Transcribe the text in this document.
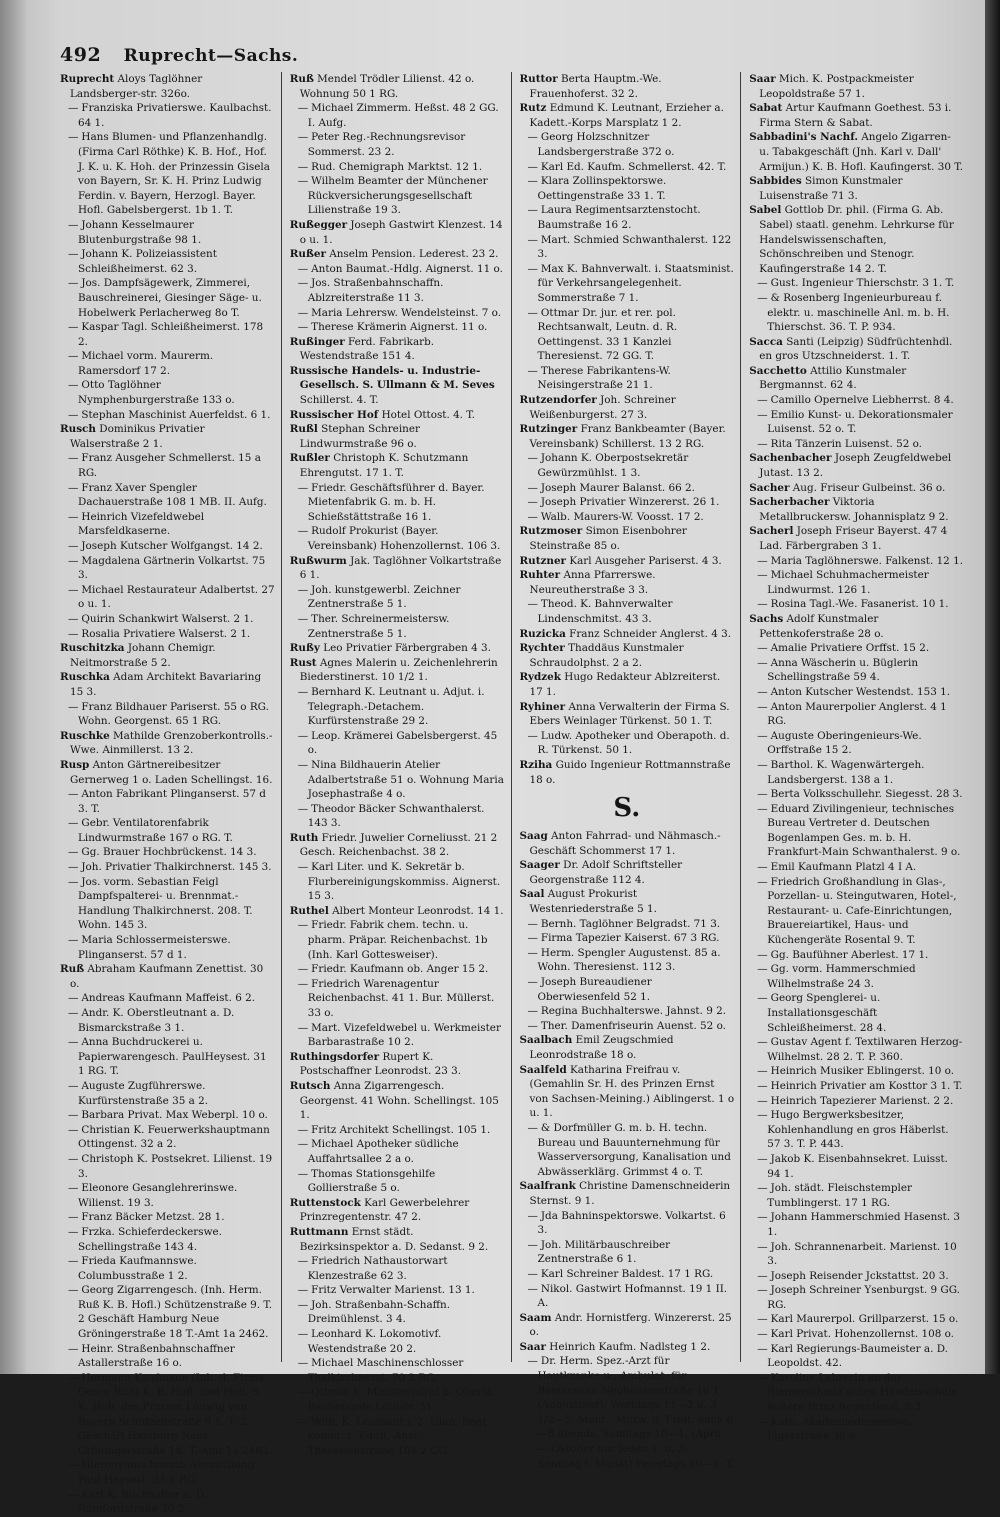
492 Ruprecht—Sachs.

Ruprecht Aloys Taglöhner Landsberger-str. 326o.

— Franziska Privatierswe. Kaulbachst. 64 1.

— Hans Blumen- und Pflanzenhandlg. (Firma Carl Röthke) K. B. Hof., Hof. J. K. u. K. Hoh. der Prinzessin Gisela von Bayern, Sr. K. H. Prinz Ludwig Ferdin. v. Bayern, Herzogl. Bayer. Hofl. Gabelsbergerst. 1b 1. T.

— Johann Kesselmaurer Blutenburgstraße 98 1.

— Johann K. Polizeiassistent Schleißheimerst. 62 3.

— Jos. Dampfsägewerk, Zimmerei, Bauschreinerei, Giesinger Säge- u. Hobelwerk Perlacherweg 8o T.

— Kaspar Tagl. Schleißheimerst. 178 2.

— Michael vorm. Maurerm. Ramersdorf 17 2.

— Otto Taglöhner Nymphenburgerstraße 133 o.

— Stephan Maschinist Auerfeldst. 6 1.

Rusch Dominikus Privatier Walserstraße 2 1.

— Franz Ausgeher Schmellerst. 15 a RG.

— Franz Xaver Spengler Dachauerstraße 108 1 MB. II. Aufg.

— Heinrich Vizefeldwebel Marsfeldkaserne.

— Joseph Kutscher Wolfgangst. 14 2.

— Magdalena Gärtnerin Volkartst. 75 3.

— Michael Restaurateur Adalbertst. 27 o u. 1.

— Quirin Schankwirt Walserst. 2 1.

— Rosalia Privatiere Walserst. 2 1.

Ruschitzka Johann Chemigr. Neitmorstraße 5 2.

Ruschka Adam Architekt Bavariaring 15 3.

— Franz Bildhauer Pariserst. 55 o RG. Wohn. Georgenst. 65 1 RG.

Ruschke Mathilde Grenzoberkontrolls.-Wwe. Ainmillerst. 13 2.

Rusp Anton Gärtnereibesitzer Gernerweg 1 o. Laden Schellingst. 16.

— Anton Fabrikant Plinganserst. 57 d 3. T.

— Gebr. Ventilatorenfabrik Lindwurmstraße 167 o RG. T.

— Gg. Brauer Hochbrückenst. 14 3.

— Joh. Privatier Thalkirchnerst. 145 3.

— Jos. vorm. Sebastian Feigl Dampfspalterei- u. Brennmat.-Handlung Thalkirchnerst. 208. T. Wohn. 145 3.

— Maria Schlossermeisterswe. Plinganserst. 57 d 1.

Ruß Abraham Kaufmann Zenettist. 30 o.

— Andreas Kaufmann Maffeist. 6 2.

— Andr. K. Oberstleutnant a. D. Bismarckstraße 3 1.

— Anna Buchdruckerei u. Papierwarengesch. PaulHeysest. 31 1 RG. T.

— Auguste Zugführerswe. Kurfürstenstraße 35 a 2.

— Barbara Privat. Max Weberpl. 10 o.

— Christian K. Feuerwerkshauptmann Ottingenst. 32 a 2.

— Christoph K. Postsekret. Lilienst. 19 3.

— Eleonore Gesanglehrerinswe. Wilienst. 19 3.

— Franz Bäcker Metzst. 28 1.

— Frzka. Schieferdeckerswe. Schellingstraße 143 4.

— Frieda Kaufmannswe. Columbusstraße 1 2.

— Georg Zigarrengesch. (Inh. Herm. Ruß K. B. Hofl.) Schützenstraße 9. T. 2 Geschäft Hamburg Neue Gröningerstraße 18 T.-Amt 1a 2462.

— Heinr. Straßenbahnschaffner Astallerstraße 16 o.

— Hermann Kaufmann (Inh. d. Firma Georg Ruß) K. B. Hofl. und Hofl. S. K. Hoh. des Prinzen Ludwig von Bayern Schützenstraße 9 1. T. 2. Geschäft Hamburg Neue Gröningerstraße 18. T.-Amt 1a 2462.

— Hieronymus Immob.-Vermittlung Paul Heysest. 31 1 RG.

— Karl K. Buchhalter a. D. Rumfordstraße 30 2.

Ruß Mendel Trödler Lilienst. 42 o. Wohnung 50 1 RG.

— Michael Zimmerm. Heßst. 48 2 GG. I. Aufg.

— Peter Reg.-Rechnungsrevisor Sommerst. 23 2.

— Rud. Chemigraph Marktst. 12 1.

— Wilhelm Beamter der Münchener Rückversicherungsgesellschaft Lilienstraße 19 3.

Rußegger Joseph Gastwirt Klenzest. 14 o u. 1.

Rußer Anselm Pension. Lederest. 23 2.

— Anton Baumat.-Hdlg. Aignerst. 11 o.

— Jos. Straßenbahnschaffn. Ablzreiterstraße 11 3.

— Maria Lehrersw. Wendelsteinst. 7 o.

— Therese Krämerin Aignerst. 11 o.

Rußinger Ferd. Fabrikarb. Westendstraße 151 4.

Russische Handels- u. Industrie-Gesellsch. S. Ullmann & M. Seves Schillerst. 4. T.

Russischer Hof Hotel Ottost. 4. T.

Rußl Stephan Schreiner Lindwurmstraße 96 o.

Rußler Christoph K. Schutzmann Ehrengutst. 17 1. T.

— Friedr. Geschäftsführer d. Bayer. Mietenfabrik G. m. b. H. Schießstättstraße 16 1.

— Rudolf Prokurist (Bayer. Vereinsbank) Hohenzollernst. 106 3.

Rußwurm Jak. Taglöhner Volkartstraße 6 1.

— Joh. kunstgewerbl. Zeichner Zentnerstraße 5 1.

— Ther. Schreinermeistersw. Zentnerstraße 5 1.

Rußy Leo Privatier Färbergraben 4 3.

Rust Agnes Malerin u. Zeichenlehrerin Biederstinerst. 10 1/2 1.

— Bernhard K. Leutnant u. Adjut. i. Telegraph.-Detachem. Kurfürstenstraße 29 2.

— Leop. Krämerei Gabelsbergerst. 45 o.

— Nina Bildhauerin Atelier Adalbertstraße 51 o. Wohnung Maria Josephastraße 4 o.

— Theodor Bäcker Schwanthalerst. 143 3.

Ruth Friedr. Juwelier Corneliusst. 21 2 Gesch. Reichenbachst. 38 2.

— Karl Liter. und K. Sekretär b. Flurbereinigungskommiss. Aignerst. 15 3.

Ruthel Albert Monteur Leonrodst. 14 1.

— Friedr. Fabrik chem. techn. u. pharm. Präpar. Reichenbachst. 1b (Inh. Karl Gottesweiser).

— Friedr. Kaufmann ob. Anger 15 2.

— Friedrich Warenagentur Reichenbachst. 41 1. Bur. Müllerst. 33 o.

— Mart. Vizefeldwebel u. Werkmeister Barbarastraße 10 2.

Ruthingsdorfer Rupert K. Postschaffner Leonrodst. 23 3.

Rutsch Anna Zigarrengesch. Georgenst. 41 Wohn. Schellingst. 105 1.

— Fritz Architekt Schellingst. 105 1.

— Michael Apotheker südliche Auffahrtsallee 2 a o.

— Thomas Stationsgehilfe Gollierstraße 5 o.

Ruttenstock Karl Gewerbelehrer Prinzregentenstr. 47 2.

Ruttmann Ernst städt. Bezirksinspektor a. D. Sedanst. 9 2.

— Friedrich Nathaustorwart Klenzestraße 62 3.

— Fritz Verwalter Marienst. 13 1.

— Joh. Straßenbahn-Schaffn. Dreimühlenst. 3 4.

— Leonhard K. Lokomotivf. Westendstraße 20 2.

— Michael Maschinenschlosser Thalkirchnerst. 70 2 RG.

— Ottmar K. Ministerialrat b. Oberst. Baubehörde Lothstr. 31.

— Wilh. K. Leutnant i. 2. Ulan.-Regt. komm. z. Equit.-Anst. Theresienstraße 104 2 GG.

Ruttor Berta Hauptm.-We. Frauenhoferst. 32 2.

Rutz Edmund K. Leutnant, Erzieher a. Kadett.-Korps Marsplatz 1 2.

— Georg Holzschnitzer Landsbergerstraße 372 o.

— Karl Ed. Kaufm. Schmellerst. 42. T.

— Klara Zollinspektorswe. Oettingenstraße 33 1. T.

— Laura Regimentsarztenstocht. Baumstraße 16 2.

— Mart. Schmied Schwanthalerst. 122 3.

— Max K. Bahnverwalt. i. Staatsminist. für Verkehrsangelegenheit. Sommerstraße 7 1.

— Ottmar Dr. jur. et rer. pol. Rechtsanwalt, Leutn. d. R. Oettingenst. 33 1 Kanzlei Theresienst. 72 GG. T.

— Therese Fabrikantens-W. Neisingerstraße 21 1.

Rutzendorfer Joh. Schreiner Weißenburgerst. 27 3.

Rutzinger Franz Bankbeamter (Bayer. Vereinsbank) Schillerst. 13 2 RG.

— Johann K. Oberpostsekretär Gewürzmühlst. 1 3.

— Joseph Maurer Balanst. 66 2.

— Joseph Privatier Winzererst. 26 1.

— Walb. Maurers-W. Voosst. 17 2.

Rutzmoser Simon Eisenbohrer Steinstraße 85 o.

Rutzner Karl Ausgeher Pariserst. 4 3.

Ruhter Anna Pfarrerswe. Neureutherstraße 3 3.

— Theod. K. Bahnverwalter Lindenschmitst. 43 3.

Ruzicka Franz Schneider Anglerst. 4 3.

Rychter Thaddäus Kunstmaler Schraudolphst. 2 a 2.

Rydzek Hugo Redakteur Ablzreiterst. 17 1.

Ryhiner Anna Verwalterin der Firma S. Ebers Weinlager Türkenst. 50 1. T.

— Ludw. Apotheker und Oberapoth. d. R. Türkenst. 50 1.

Rziha Guido Ingenieur Rottmannstraße 18 o.

S.

Saag Anton Fahrrad- und Nähmasch.-Geschäft Schommerst 17 1.

Saager Dr. Adolf Schriftsteller Georgenstraße 112 4.

Saal August Prokurist Westenriederstraße 5 1.

— Bernh. Taglöhner Belgradst. 71 3.

— Firma Tapezier Kaiserst. 67 3 RG.

— Herm. Spengler Augustenst. 85 a. Wohn. Theresienst. 112 3.

— Joseph Bureaudiener Oberwiesenfeld 52 1.

— Regina Buchhalterswe. Jahnst. 9 2.

— Ther. Damenfriseurin Auenst. 52 o.

Saalbach Emil Zeugschmied Leonrodstraße 18 o.

Saalfeld Katharina Freifrau v. (Gemahlin Sr. H. des Prinzen Ernst von Sachsen-Meining.) Aiblingerst. 1 o u. 1.

— & Dorfmüller G. m. b. H. techn. Bureau und Bauunternehmung für Wasserversorgung, Kanalisation und Abwässerklärg. Grimmst 4 o. T.

Saalfrank Christine Damenschneiderin Sternst. 9 1.

— Jda Bahninspektorswe. Volkartst. 6 3.

— Joh. Militärbauschreiber Zentnerstraße 6 1.

— Karl Schreiner Baldest. 17 1 RG.

— Nikol. Gastwirt Hofmannst. 19 1 II. A.

Saam Andr. Hornistferg. Winzererst. 25 o.

Saar Heinrich Kaufm. Nadlsteg 1 2.

— Dr. Herm. Spez.-Arzt für Hautkranke u., Ambulat. für Beinkranke Neuhauserstraße 16 1 (Augustiner). Werktags 11—2 u. 3 1/2—5. Mont., Mittw. u. Freit. auch 6—8 abends. Sonntags 10—1. (April — Oktober nur jeden 1. u. 3. Sonntag i. Monat) Feiertags 10—1. T.

Saar Mich. K. Postpackmeister Leopoldstraße 57 1.

Sabat Artur Kaufmann Goethest. 53 i. Firma Stern & Sabat.

Sabbadini's Nachf. Angelo Zigarren- u. Tabakgeschäft (Jnh. Karl v. Dall' Armijun.) K. B. Hofl. Kaufingerst. 30 T.

Sabbides Simon Kunstmaler Luisenstraße 71 3.

Sabel Gottlob Dr. phil. (Firma G. Ab. Sabel) staatl. genehm. Lehrkurse für Handelswissenschaften, Schönschreiben und Stenogr. Kaufingerstraße 14 2. T.

— Gust. Ingenieur Thierschstr. 3 1. T.

— & Rosenberg Ingenieurbureau f. elektr. u. maschinelle Anl. m. b. H. Thierschst. 36. T. P. 934.

Sacca Santi (Leipzig) Südfrüchtenhdl. en gros Utzschneiderst. 1. T.

Sacchetto Attilio Kunstmaler Bergmannst. 62 4.

— Camillo Opernelve Liebherrst. 8 4.

— Emilio Kunst- u. Dekorationsmaler Luisenst. 52 o. T.

— Rita Tänzerin Luisenst. 52 o.

Sachenbacher Joseph Zeugfeldwebel Jutast. 13 2.

Sacher Aug. Friseur Gulbeinst. 36 o.

Sacherbacher Viktoria Metallbruckersw. Johannisplatz 9 2.

Sacherl Joseph Friseur Bayerst. 47 4 Lad. Färbergraben 3 1.

— Maria Taglöhnerswe. Falkenst. 12 1.

— Michael Schuhmachermeister Lindwurmst. 126 1.

— Rosina Tagl.-We. Fasanerist. 10 1.

Sachs Adolf Kunstmaler Pettenkoferstraße 28 o.

— Amalie Privatiere Orffst. 15 2.

— Anna Wäscherin u. Büglerin Schellingstraße 59 4.

— Anton Kutscher Westendst. 153 1.

— Anton Maurerpolier Anglerst. 4 1 RG.

— Auguste Oberingenieurs-We. Orffstraße 15 2.

— Barthol. K. Wagenwärtergeh. Landsbergerst. 138 a 1.

— Berta Volksschullehr. Siegesst. 28 3.

— Eduard Zivilingenieur, technisches Bureau Vertreter d. Deutschen Bogenlampen Ges. m. b. H. Frankfurt-Main Schwanthalerst. 9 o.

— Emil Kaufmann Platzl 4 I A.

— Friedrich Großhandlung in Glas-, Porzellan- u. Steingutwaren, Hotel-, Restaurant- u. Cafe-Einrichtungen, Brauereiartikel, Haus- und Küchengeräte Rosental 9. T.

— Gg. Baufühner Aberlest. 17 1.

— Gg. vorm. Hammerschmied Wilhelmstraße 24 3.

— Georg Spenglerei- u. Installationsgeschäft Schleißheimerst. 28 4.

— Gustav Agent f. Textilwaren Herzog-Wilhelmst. 28 2. T. P. 360.

— Heinrich Musiker Eblingerst. 10 o.

— Heinrich Privatier am Kosttor 3 1. T.

— Heinrich Tapezierer Marienst. 2 2.

— Hugo Bergwerksbesitzer, Kohlenhandlung en gros Häberlst. 57 3. T. P. 443.

— Jakob K. Eisenbahnsekret. Luisst. 94 1.

— Joh. städt. Fleischstempler Tumblingerst. 17 1 RG.

— Johann Hammerschmied Hasenst. 3 1.

— Joh. Schrannenarbeit. Marienst. 10 3.

— Joseph Reisender Jckstattst. 20 3.

— Joseph Schreiner Ysenburgst. 9 GG. RG.

— Karl Maurerpol. Grillparzerst. 15 o.

— Karl Privat. Hohenzollernst. 108 o.

— Karl Regierungs-Baumeister a. D. Leopoldst. 42.

— Karoline Lehrerin an der Riemerschmid'schen Handelsschule äußere Prinz Regentenst. 5 3.

— Kath. Akademiedienerswe. Jägerstraße 30 o.
